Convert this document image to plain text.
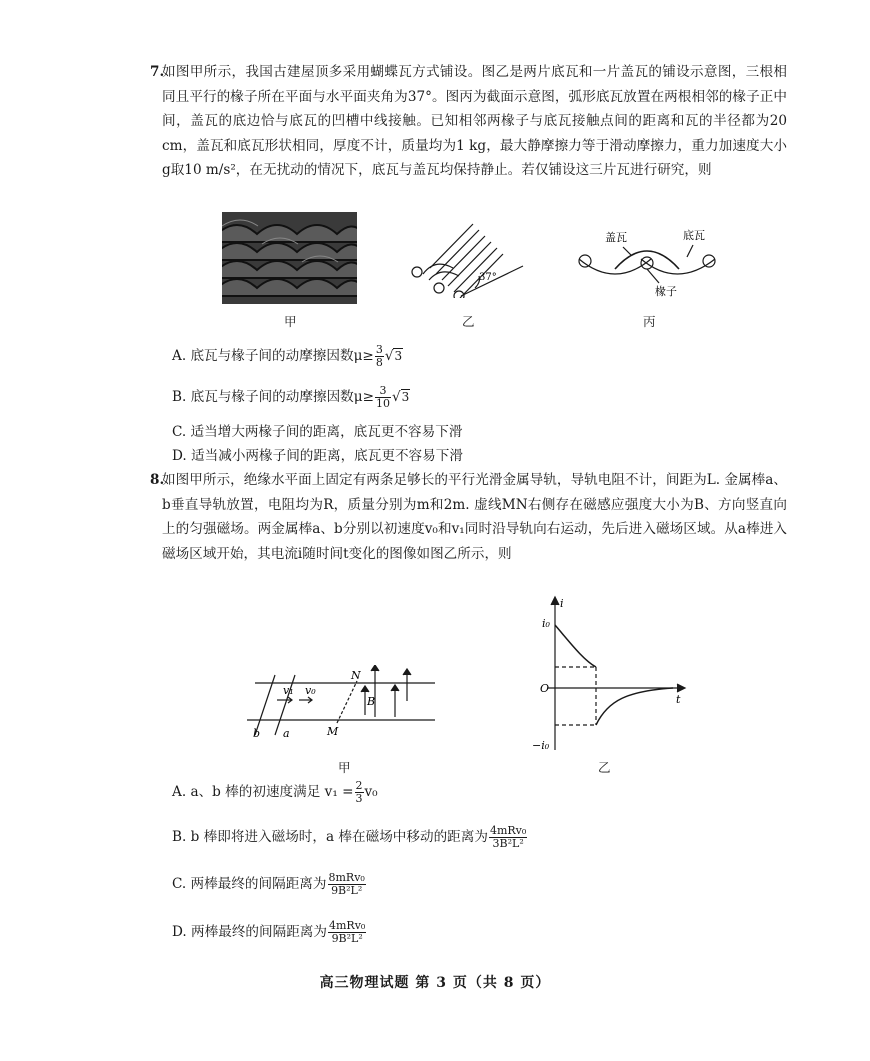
7.

如图甲所示，我国古建屋顶多采用蝴蝶瓦方式铺设。图乙是两片底瓦和一片盖瓦的铺设示意图，三根相同且平行的椽子所在平面与水平面夹角为37°。图丙为截面示意图，弧形底瓦放置在两根相邻的椽子正中间，盖瓦的底边恰与底瓦的凹槽中线接触。已知相邻两椽子与底瓦接触点间的距离和瓦的半径都为20 cm，盖瓦和底瓦形状相同，厚度不计，质量均为1 kg，最大静摩擦力等于滑动摩擦力，重力加速度大小g取10 m/s²，在无扰动的情况下，底瓦与盖瓦均保持静止。若仅铺设这三片瓦进行研究，则

甲
37°
乙
盖瓦	底瓦
椽子
丙
A. 底瓦与椽子间的动摩擦因数$\mu\ge \frac{3}{8} √3$
B. 底瓦与椽子间的动摩擦因数$\mu\ge \frac{3}{10} √3$
C. 适当增大两椽子间的距离，底瓦更不容易下滑
D. 适当减小两椽子间的距离，底瓦更不容易下滑
8.

如图甲所示，绝缘水平面上固定有两条足够长的平行光滑金属导轨，导轨电阻不计，间距为L. 金属棒a、b垂直导轨放置，电阻均为R，质量分别为m和2m. 虚线MN右侧存在磁感应强度大小为B、方向竖直向上的匀强磁场。两金属棒a、b分别以初速度v₀和v₁同时沿导轨向右运动，先后进入磁场区域。从a棒进入磁场区域开始，其电流i随时间t变化的图像如图乙所示，则

v₁ v₀
N
B
M
b a
甲
i
i₀
O
t
−i₀
乙
A. a、b 棒的初速度满足 $v_1 = \frac{2}{3} v_0$
B. b 棒即将进入磁场时，a 棒在磁场中移动的距离为 $\frac{\text{4mRv₀}}{\text{3B²L²}}$
C. 两棒最终的间隔距离为 $\frac{\text{8mRv₀}}{\text{9B²L²}}$
D. 两棒最终的间隔距离为 $\frac{\text{4mRv₀}}{\text{9B²L²}}$
高三物理试题 第 3 页（共 8 页）
